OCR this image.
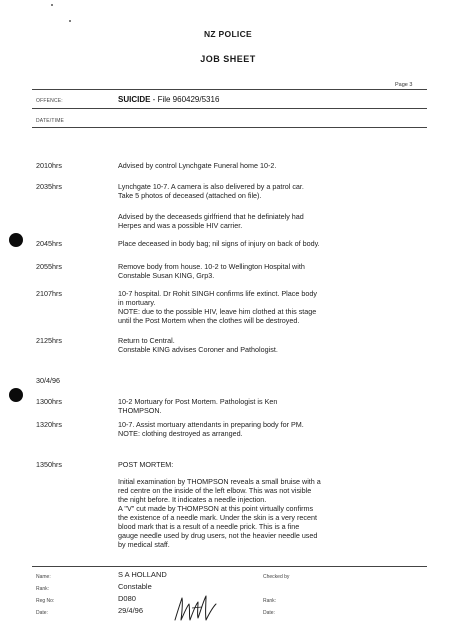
NZ POLICE
JOB SHEET
Page 3
OFFENCE:	SUICIDE - File 960429/5316
DATE/TIME
2010hrs	Advised by control Lynchgate Funeral home 10-2.
2035hrs	Lynchgate 10-7. A camera is also delivered by a patrol car.
Take 5 photos of deceased (attached on file).
Advised by the deceaseds girlfriend that he definiately had
Herpes and was a possible HIV carrier.
2045hrs	Place deceased in body bag; nil signs of injury on back of body.
2055hrs	Remove body from house. 10-2 to Wellington Hospital with
Constable Susan KING, Grp3.
2107hrs	10-7 hospital. Dr Rohit SINGH confirms life extinct. Place body
in mortuary.
NOTE: due to the possible HIV, leave him clothed at this stage
until the Post Mortem when the clothes will be destroyed.
2125hrs	Return to Central.
Constable KING advises Coroner and Pathologist.
30/4/96
1300hrs	10-2 Mortuary for Post Mortem. Pathologist is Ken
THOMPSON.
1320hrs	10-7. Assist mortuary attendants in preparing body for PM.
NOTE: clothing destroyed as arranged.
1350hrs	POST MORTEM:
Initial examination by THOMPSON reveals a small bruise with a
red centre on the inside of the left elbow. This was not visible
the night before. It indicates a needle injection.
A "V" cut made by THOMPSON at this point virtually confirms
the existence of a needle mark. Under the skin is a very recent
blood mark that is a result of a needle prick. This is a fine
gauge needle used by drug users, not the heavier needle used
by medical staff.
Name:	S A HOLLAND
Rank:	Constable
Reg No:	D080
Date:	29/4/96
Checked by
Rank:
Date:
